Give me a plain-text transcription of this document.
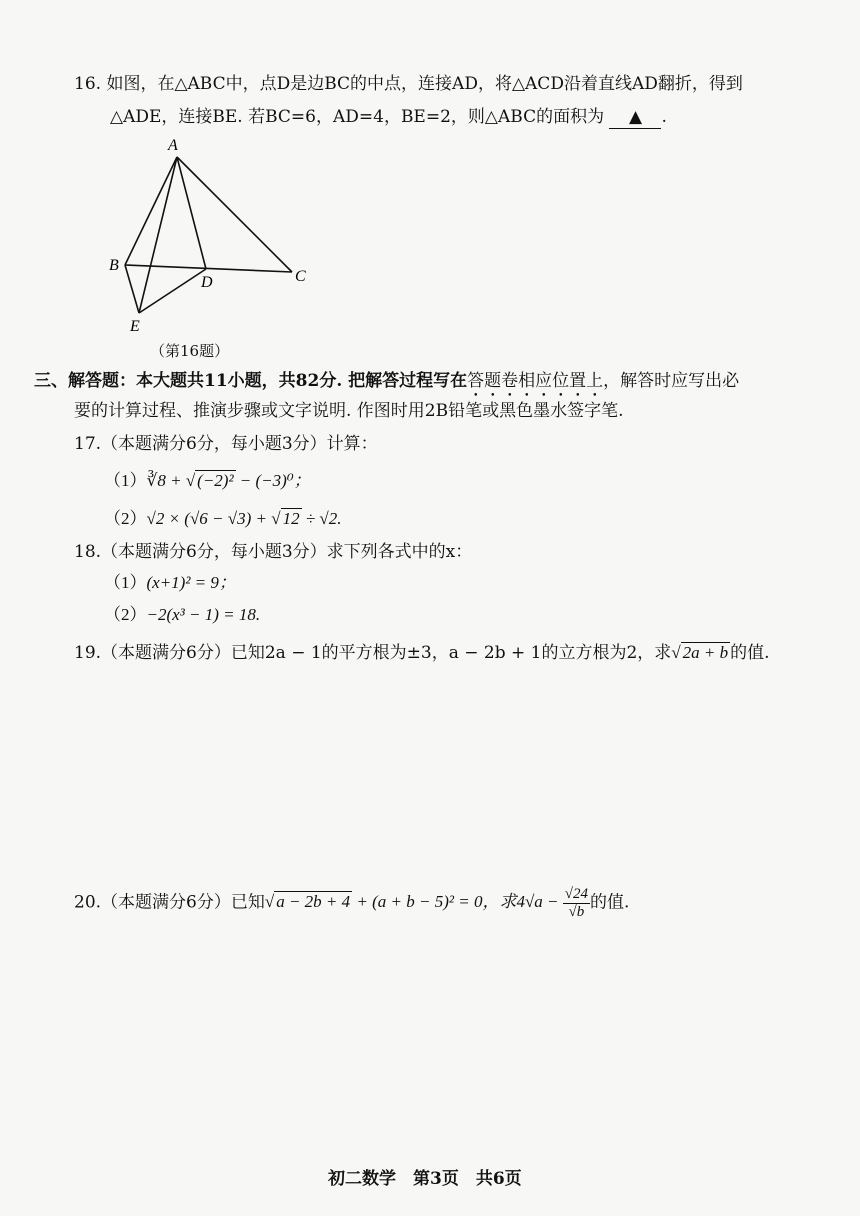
16. 如图，在△ABC中，点D是边BC的中点，连接AD，将△ACD沿着直线AD翻折，得到
△ADE，连接BE. 若BC=6，AD=4，BE=2，则△ABC的面积为 ▲ .
A
B
C
D
E
（第16题）
三、解答题：本大题共11小题，共82分. 把解答过程写在答题卷相应位置上，解答时应写出必
要的计算过程、推演步骤或文字说明. 作图时用2B铅笔或黑色墨水签字笔.
17.（本题满分6分，每小题3分）计算：
（1）∛8 + √ (−2)² − (−3)⁰；
（2）√2 × (√6 − √3) + √ 12 ÷ √2.
18.（本题满分6分，每小题3分）求下列各式中的x：
（1）(x+1)² = 9；
（2）−2(x³ − 1) = 18.
19.（本题满分6分）已知2a − 1的平方根为±3，a − 2b + 1的立方根为2，求√ 2a + b 的值.
20.（本题满分6分）已知√ a − 2b + 4 + (a + b − 5)² = 0，求$4√a - \frac{√24}{√b}$ 的值.
初二数学　第3页　共6页
